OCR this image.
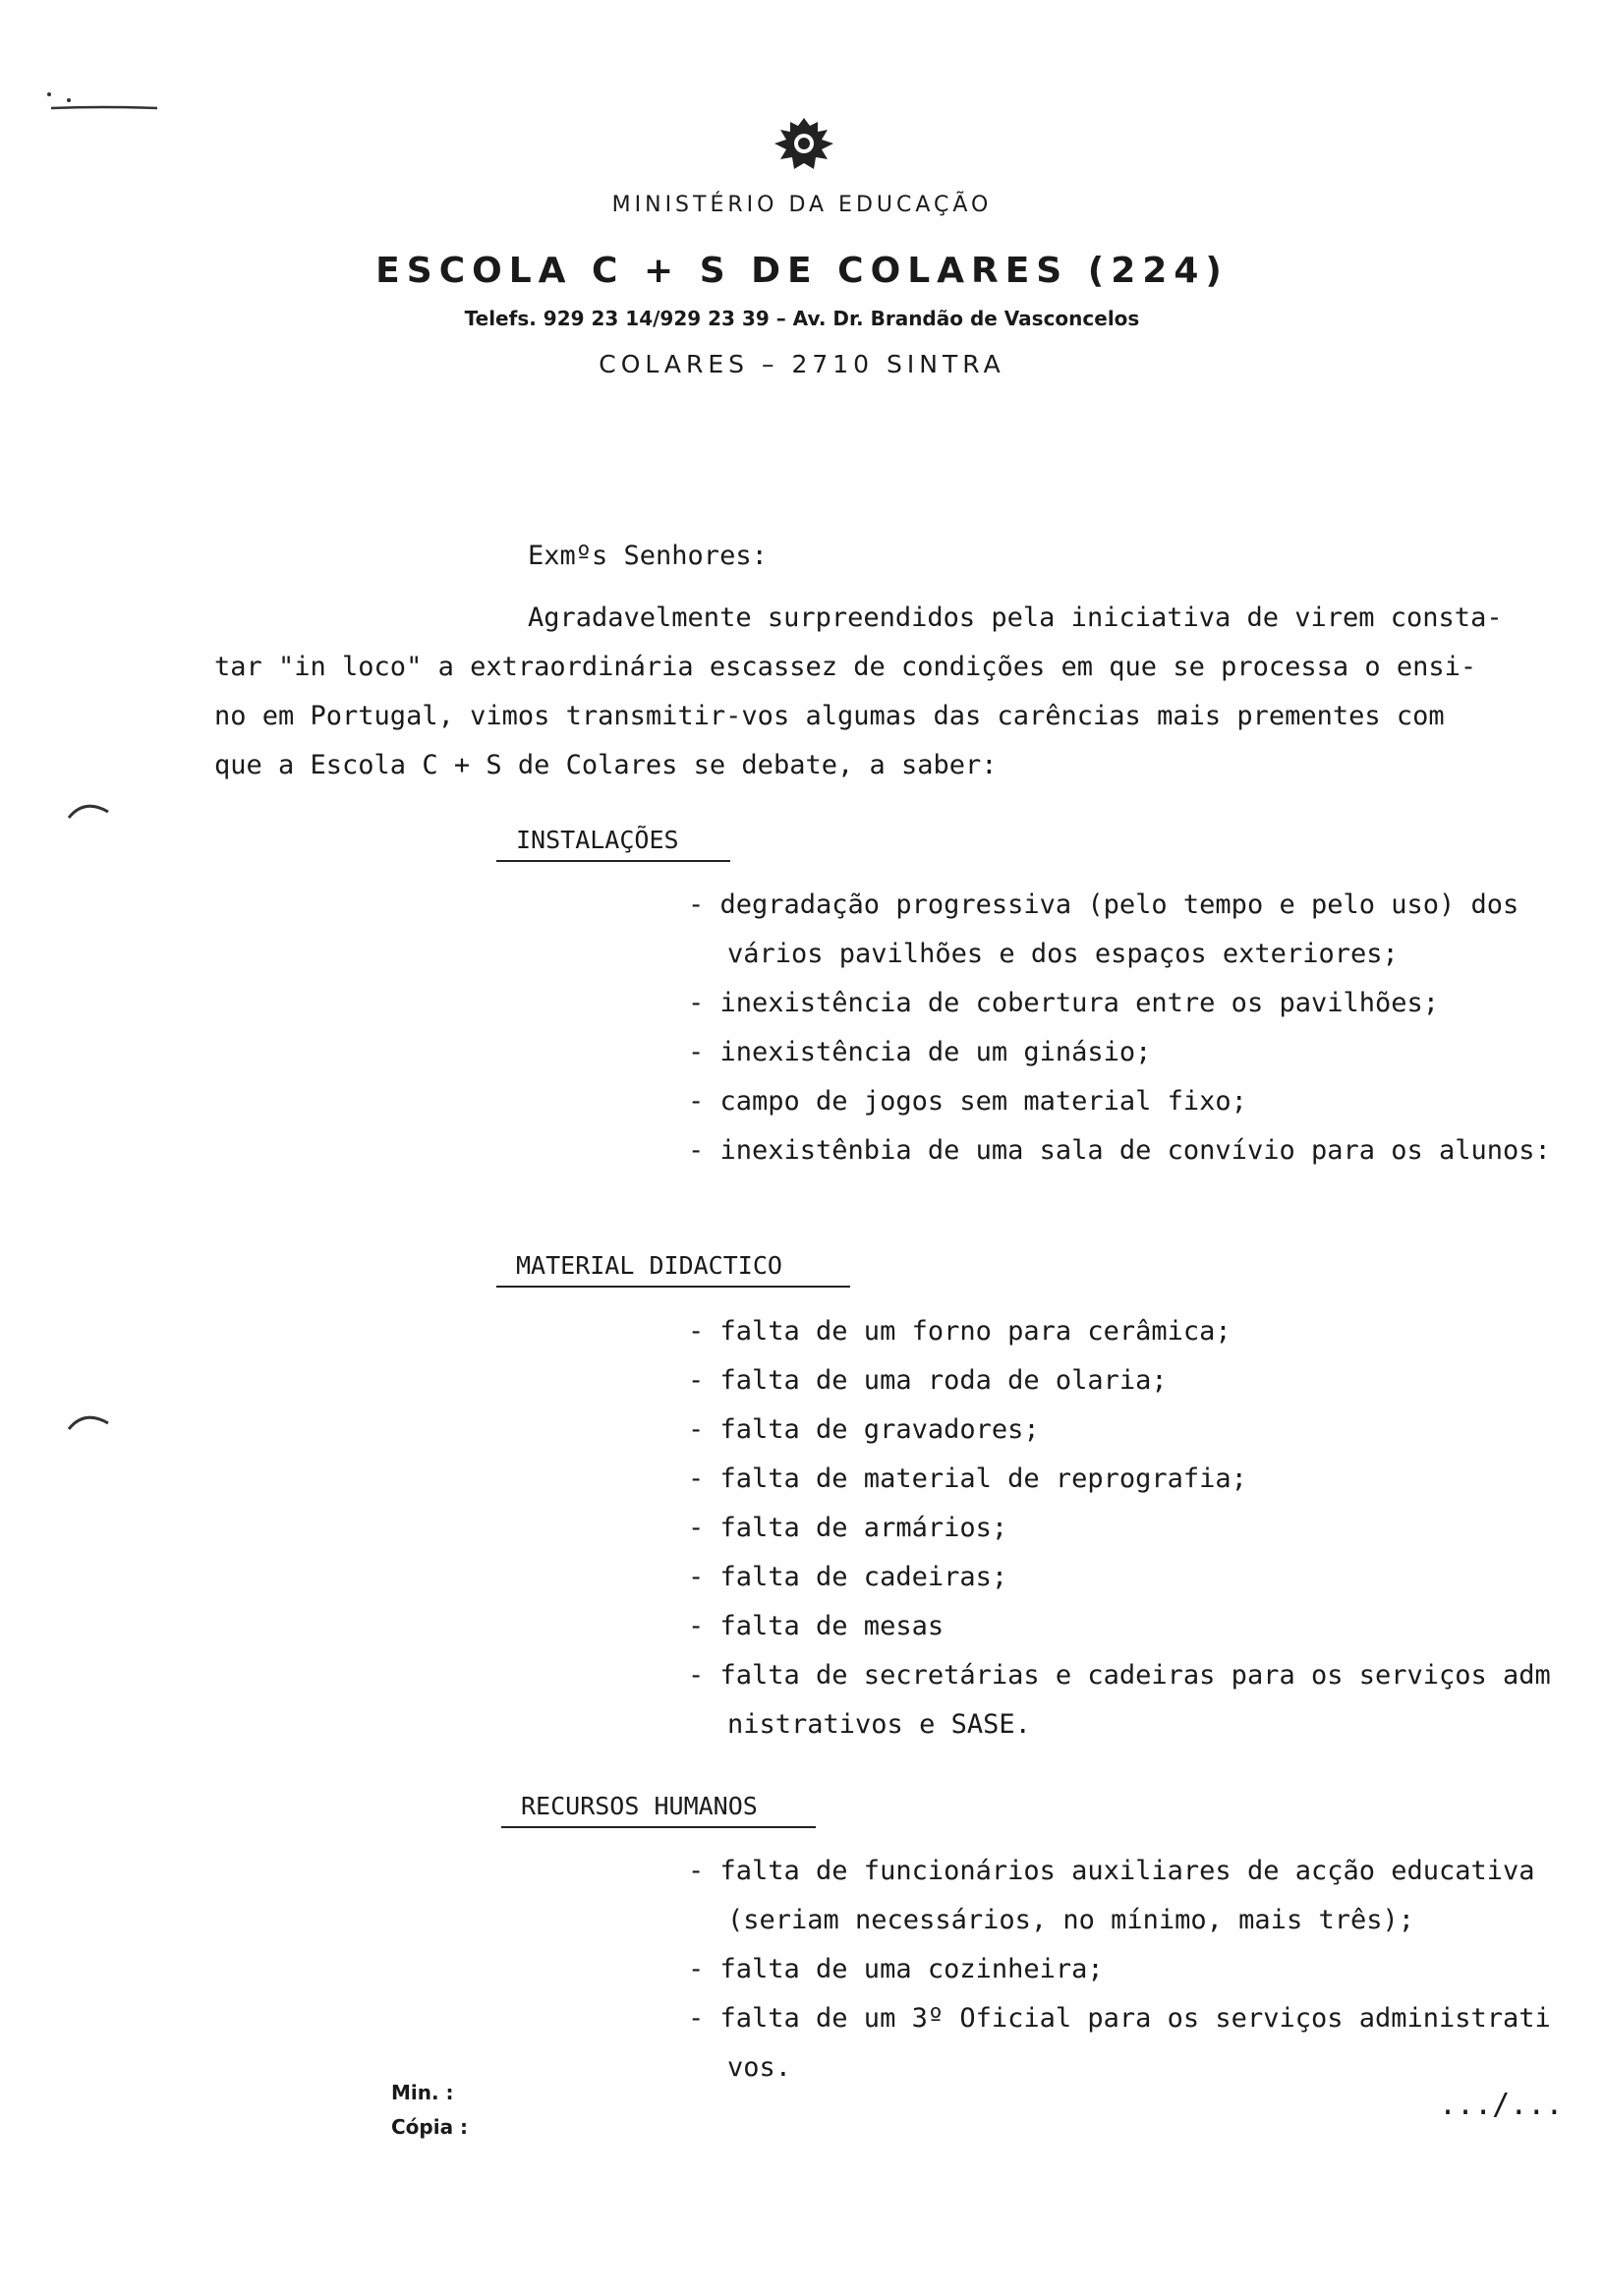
MINISTÉRIO DA EDUCAÇÃO
ESCOLA C + S DE COLARES (224)
Telefs. 929 23 14/929 23 39 – Av. Dr. Brandão de Vasconcelos
COLARES – 2710 SINTRA
Exmºs Senhores:
Agradavelmente surpreendidos pela iniciativa de virem consta-
tar "in loco" a extraordinária escassez de condições em que se processa o ensi-
no em Portugal, vimos transmitir-vos algumas das carências mais prementes com
que a Escola C + S de Colares se debate, a saber:
INSTALAÇÕES
- degradação progressiva (pelo tempo e pelo uso) dos
vários pavilhões e dos espaços exteriores;
- inexistência de cobertura entre os pavilhões;
- inexistência de um ginásio;
- campo de jogos sem material fixo;
- inexistênbia de uma sala de convívio para os alunos:
MATERIAL DIDACTICO
- falta de um forno para cerâmica;
- falta de uma roda de olaria;
- falta de gravadores;
- falta de material de reprografia;
- falta de armários;
- falta de cadeiras;
- falta de mesas
- falta de secretárias e cadeiras para os serviços adm
nistrativos e SASE.
RECURSOS HUMANOS
- falta de funcionários auxiliares de acção educativa
(seriam necessários, no mínimo, mais três);
- falta de uma cozinheira;
- falta de um 3º Oficial para os serviços administrati
vos.
Min. :
Cópia :
.../...
